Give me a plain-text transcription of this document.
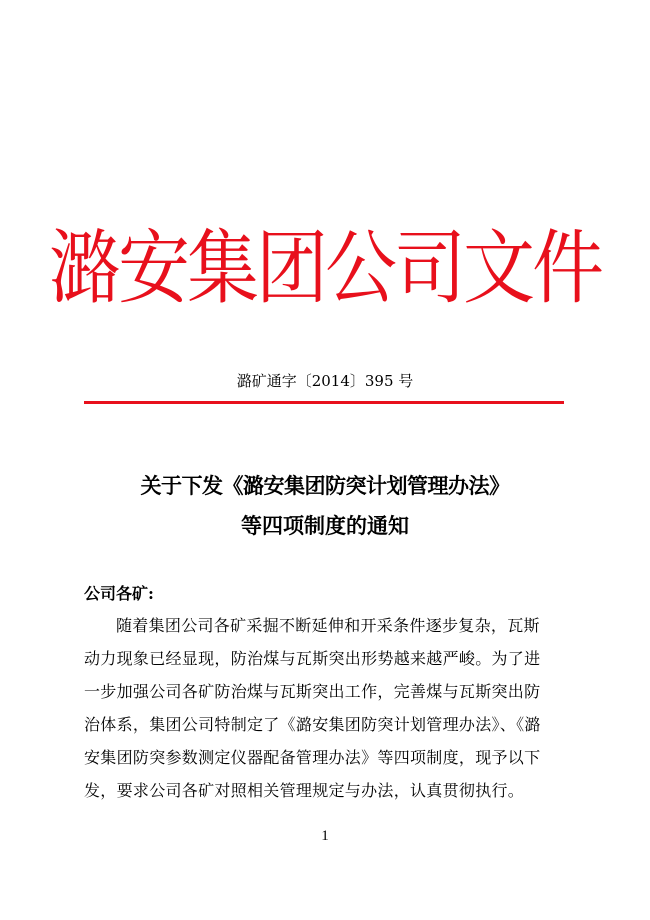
潞安集团公司文件
潞矿通字〔2014〕395 号
关于下发《潞安集团防突计划管理办法》
等四项制度的通知
公司各矿:
随着集团公司各矿采掘不断延伸和开采条件逐步复杂，瓦斯
动力现象已经显现，防治煤与瓦斯突出形势越来越严峻。为了进
一步加强公司各矿防治煤与瓦斯突出工作，完善煤与瓦斯突出防
治体系，集团公司特制定了《潞安集团防突计划管理办法》、《潞
安集团防突参数测定仪器配备管理办法》等四项制度，现予以下
发，要求公司各矿对照相关管理规定与办法，认真贯彻执行。
1
